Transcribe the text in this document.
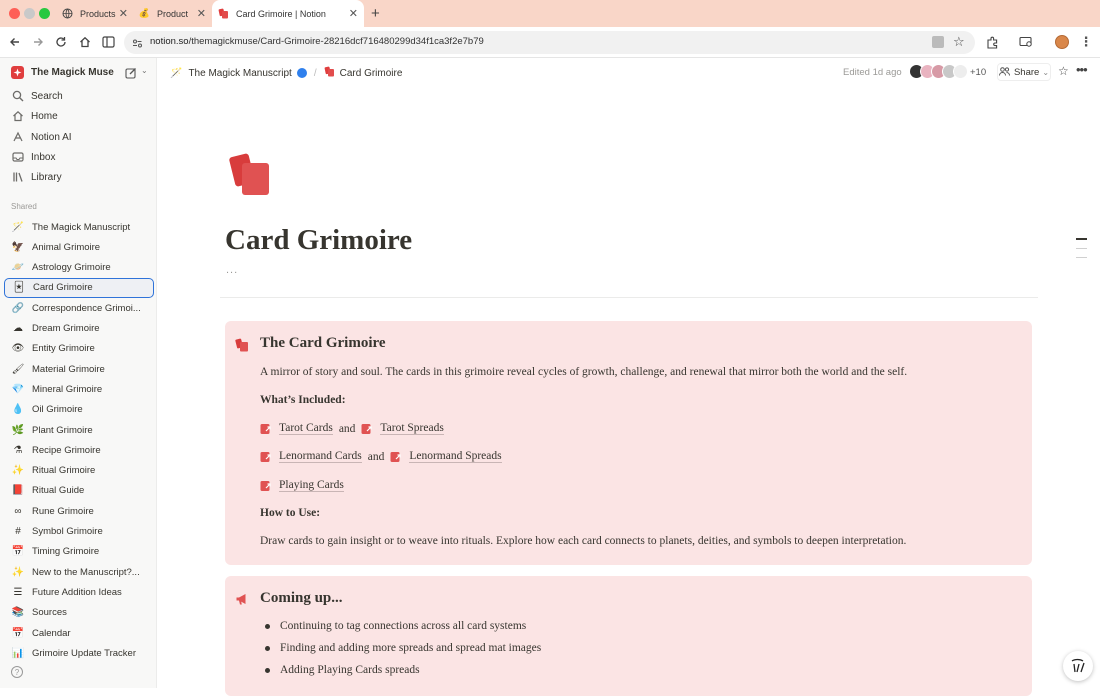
Products ✕ 💰 Product ✕	Card Grimoire | Notion ✕ +
notion.so/themagickmuse/Card-Grimoire-28216dcf716480299d34f1ca3f2e7b79	☆	⋮
The Magick Muse	⌄
Search
Home
Notion AI
Inbox
Library
Shared
🪄 The Magick Manuscript
🦅 Animal Grimoire
🪐 Astrology Grimoire
🃏 Card Grimoire
🔗 Correspondence Grimoi...
☁ Dream Grimoire
👁 Entity Grimoire
🖌 Material Grimoire
💎 Mineral Grimoire
💧 Oil Grimoire
🌿 Plant Grimoire
⚗ Recipe Grimoire
✨ Ritual Grimoire
📕 Ritual Guide
∞	Rune Grimoire
#	Symbol Grimoire
📅 Timing Grimoire
✨ New to the Manuscript?...
☰ Future Addition Ideas
📚 Sources
📅 Calendar
📊 Grimoire Update Tracker
?
🪄 The Magick Manuscript / Card Grimoire	Edited 1d ago	+10	Share ⌄ ☆ •••
Card Grimoire
...
The Card Grimoire
A mirror of story and soul. The cards in this grimoire reveal cycles of growth, challenge, and renewal that mirror both the world and the self.
What’s Included:
Tarot Cards and Tarot Spreads
Lenormand Cards and Lenormand Spreads
Playing Cards
How to Use:
Draw cards to gain insight or to weave into rituals. Explore how each card connects to planets, deities, and symbols to deepen interpretation.
Coming up...
Continuing to tag connections across all card systems
Finding and adding more spreads and spread mat images
Adding Playing Cards spreads
